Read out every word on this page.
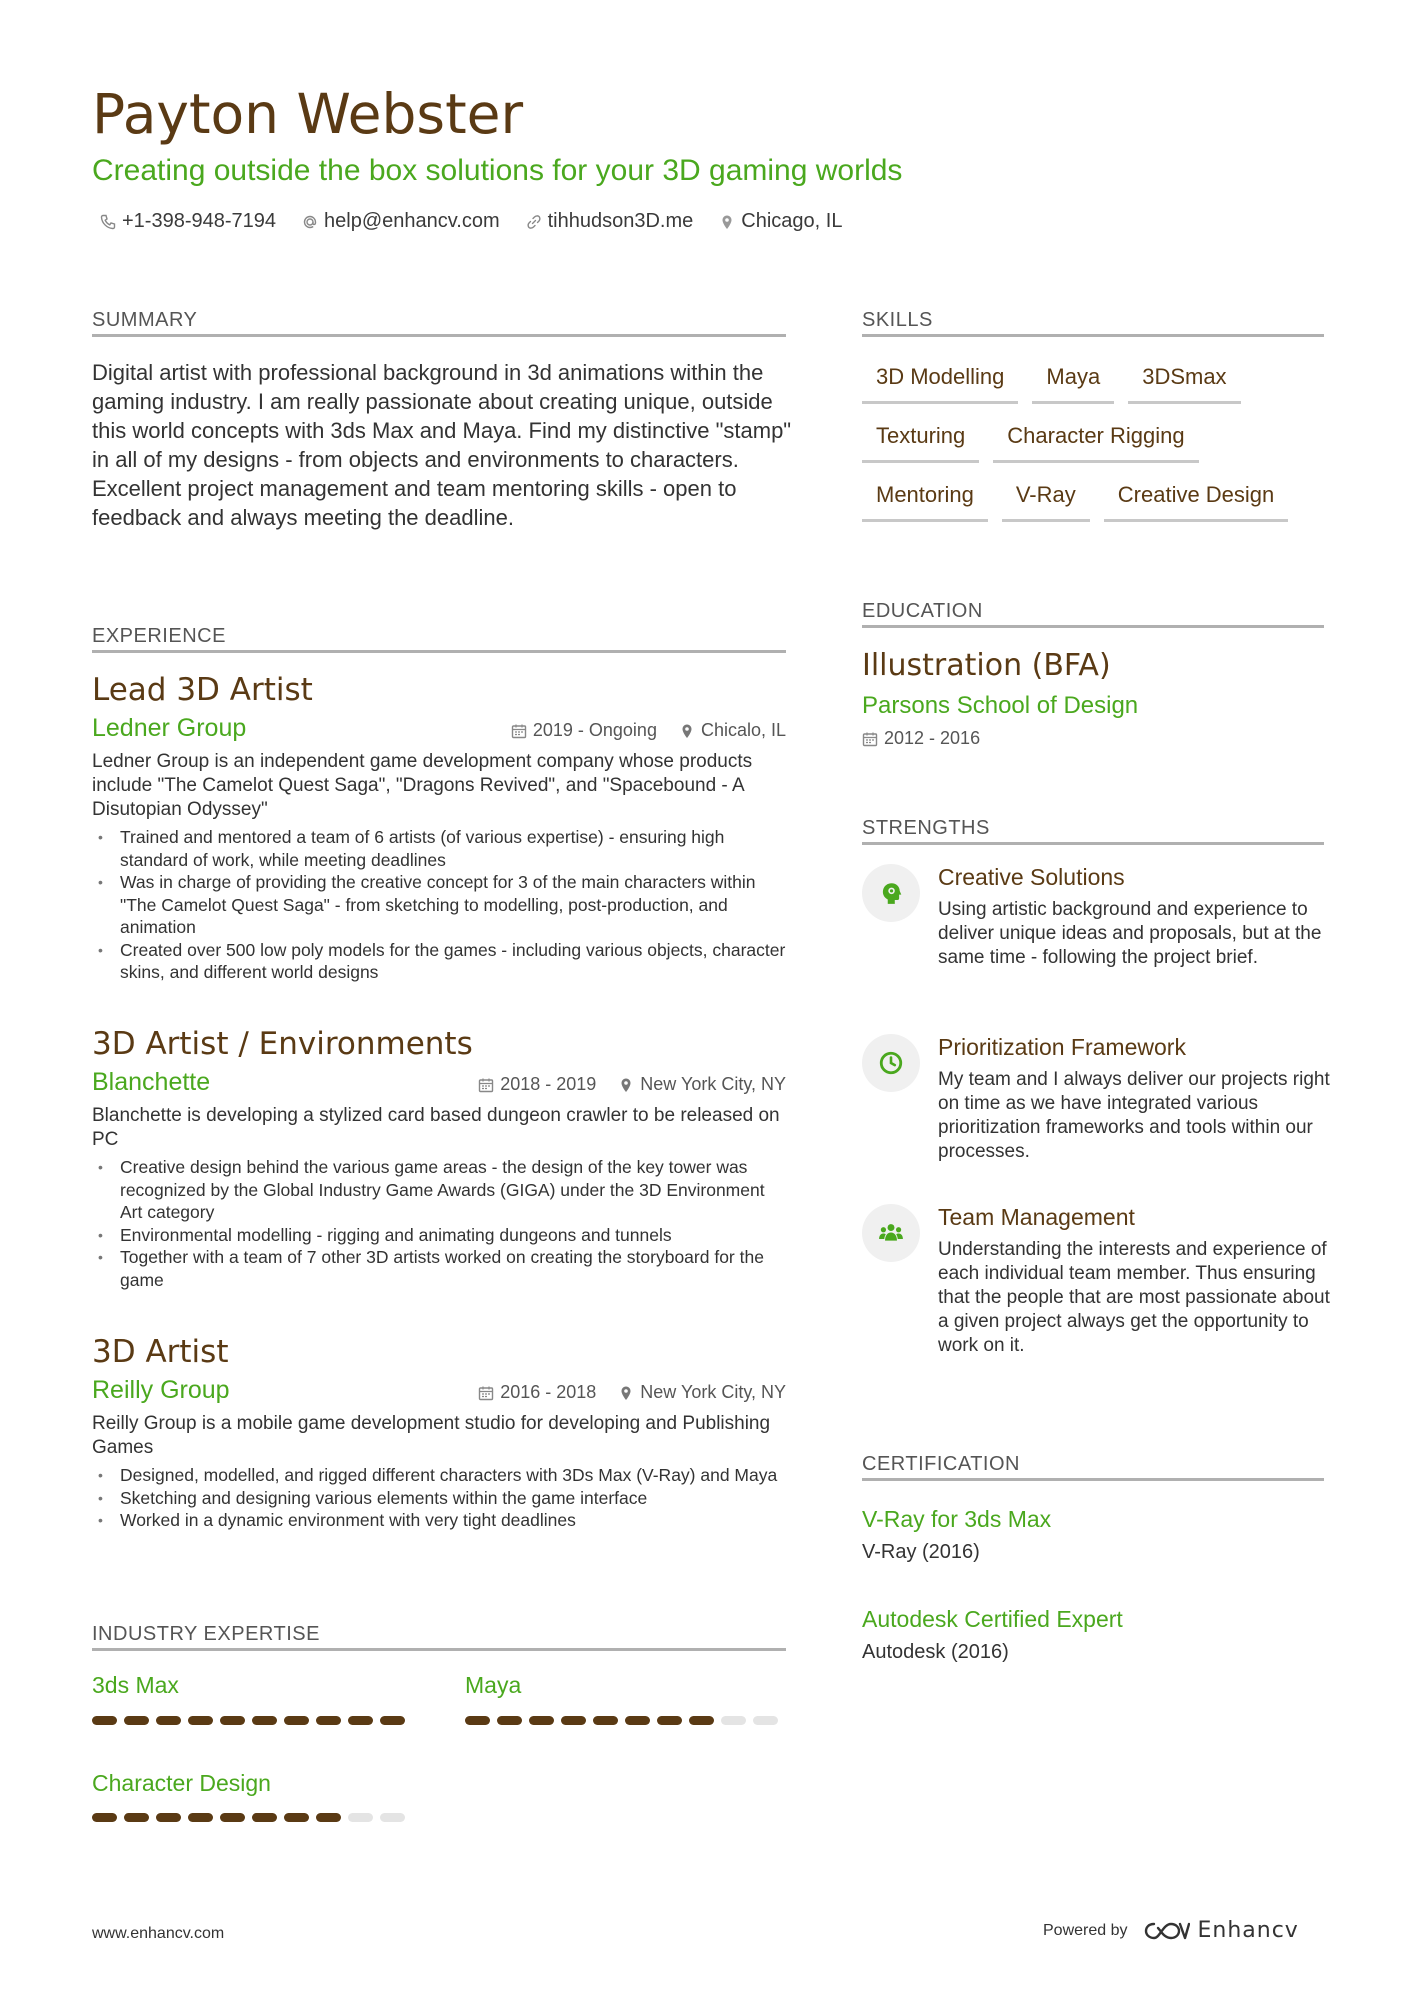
Payton Webster
Creating outside the box solutions for your 3D gaming worlds
+1-398-948-7194 help@enhancv.com tihhudson3D.me Chicago, IL
SUMMARY
Digital artist with professional background in 3d animations within the gaming industry. I am really passionate about creating unique, outside this world concepts with 3ds Max and Maya. Find my distinctive "stamp" in all of my designs - from objects and environments to characters. Excellent project management and team mentoring skills - open to feedback and always meeting the deadline.
EXPERIENCE
Lead 3D Artist
Ledner Group	2019 - Ongoing Chicalo, IL
Ledner Group is an independent game development company whose products include "The Camelot Quest Saga", "Dragons Revived", and "Spacebound - A Disutopian Odyssey"
• Trained and mentored a team of 6 artists (of various expertise) - ensuring high standard of work, while meeting deadlines
• Was in charge of providing the creative concept for 3 of the main characters within "The Camelot Quest Saga" - from sketching to modelling, post-production, and animation
• Created over 500 low poly models for the games - including various objects, character skins, and different world designs
3D Artist / Environments
Blanchette	2018 - 2019 New York City, NY
Blanchette is developing a stylized card based dungeon crawler to be released on PC
• Creative design behind the various game areas - the design of the key tower was recognized by the Global Industry Game Awards (GIGA) under the 3D Environment Art category
• Environmental modelling - rigging and animating dungeons and tunnels
• Together with a team of 7 other 3D artists worked on creating the storyboard for the game
3D Artist
Reilly Group	2016 - 2018 New York City, NY
Reilly Group is a mobile game development studio for developing and Publishing Games
• Designed, modelled, and rigged different characters with 3Ds Max (V-Ray) and Maya
• Sketching and designing various elements within the game interface
• Worked in a dynamic environment with very tight deadlines
INDUSTRY EXPERTISE
3ds Max	Maya
Character Design
SKILLS
3D Modelling	Maya	3DSmax
Texturing	Character Rigging
Mentoring	V-Ray	Creative Design
EDUCATION
Illustration (BFA)
Parsons School of Design
2012 - 2016
STRENGTHS
Creative Solutions
Using artistic background and experience to deliver unique ideas and proposals, but at the same time - following the project brief.
Prioritization Framework
My team and I always deliver our projects right on time as we have integrated various prioritization frameworks and tools within our processes.
Team Management
Understanding the interests and experience of each individual team member. Thus ensuring that the people that are most passionate about a given project always get the opportunity to work on it.
CERTIFICATION
V-Ray for 3ds Max
V-Ray (2016)
Autodesk Certified Expert
Autodesk (2016)
www.enhancv.com	Powered by	Enhancv
